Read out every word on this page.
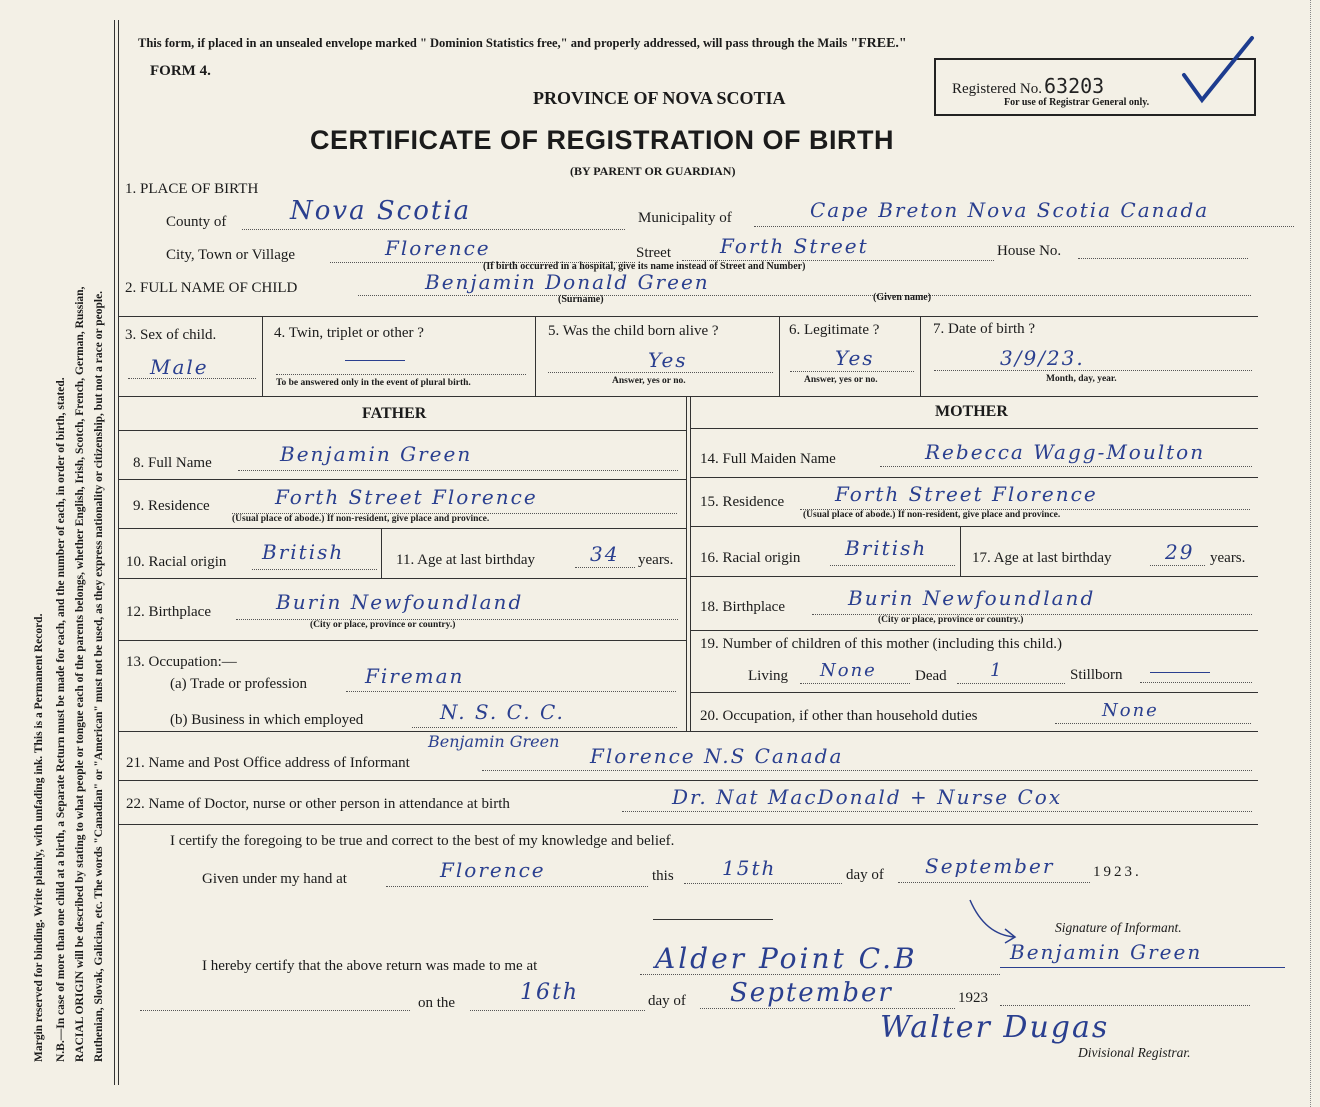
Margin reserved for binding. Write plainly, with unfading ink. This is a Permanent Record. N.B.—In case of more than one child at a birth, a Separate Return must be made for each, and the number of each, in order of birth, stated. RACIAL ORIGIN will be described by stating to what people or tongue each of the parents belongs, whether English, Irish, Scotch, French, German, Russian, Ruthenian, Slovak, Galician, etc. The words "Canadian" or "American" must not be used, as they express nationality or citizenship, but not a race or people.
This form, if placed in an unsealed envelope marked " Dominion Statistics free," and properly addressed, will pass through the Mails "FREE."
FORM 4.
PROVINCE OF NOVA SCOTIA
CERTIFICATE OF REGISTRATION OF BIRTH
(BY PARENT OR GUARDIAN)
Registered No. 63203
For use of Registrar General only.
1. PLACE OF BIRTH
County of Nova Scotia	Municipality of	Cape Breton Nova Scotia Canada
City, Town or Village	Florence	Street Forth Street	House No.
(If birth occurred in a hospital, give its name instead of Street and Number)
2. FULL NAME OF CHILD	Benjamin Donald Green
(Surname)	(Given name)
3. Sex of child.
Male
4. Twin, triplet or other ?
To be answered only in the event of plural birth.
5. Was the child born alive ?
Yes
Answer, yes or no.
6. Legitimate ?
Yes
Answer, yes or no.
7. Date of birth ?
3/9/23.
Month, day, year.
FATHER
8. Full Name	Benjamin Green
9. Residence	Forth Street Florence
(Usual place of abode.) If non-resident, give place and province.
10. Racial origin British	11. Age at last birthday	34 years.
12. Birthplace	Burin Newfoundland
(City or place, province or country.)
13. Occupation:—
(a) Trade or profession	Fireman
(b) Business in which employed	N. S. C. C.
MOTHER
14. Full Maiden Name	Rebecca Wagg-Moulton
15. Residence	Forth Street Florence
(Usual place of abode.) If non-resident, give place and province.
16. Racial origin British	17. Age at last birthday	29 years.
18. Birthplace	Burin Newfoundland
(City or place, province or country.)
19. Number of children of this mother (including this child.)
Living None	Dead 1	Stillborn
20. Occupation, if other than household duties	None
21. Name and Post Office address of Informant
Benjamin Green
Florence N.S Canada
22. Name of Doctor, nurse or other person in attendance at birth	Dr. Nat MacDonald + Nurse Cox
I certify the foregoing to be true and correct to the best of my knowledge and belief.
Given under my hand at	Florence	this 15th	day of September	1923.
Signature of Informant.
Benjamin Green
I hereby certify that the above return was made to me at	Alder Point C.B
on the	16th	day of September	1923
Walter Dugas
Divisional Registrar.
